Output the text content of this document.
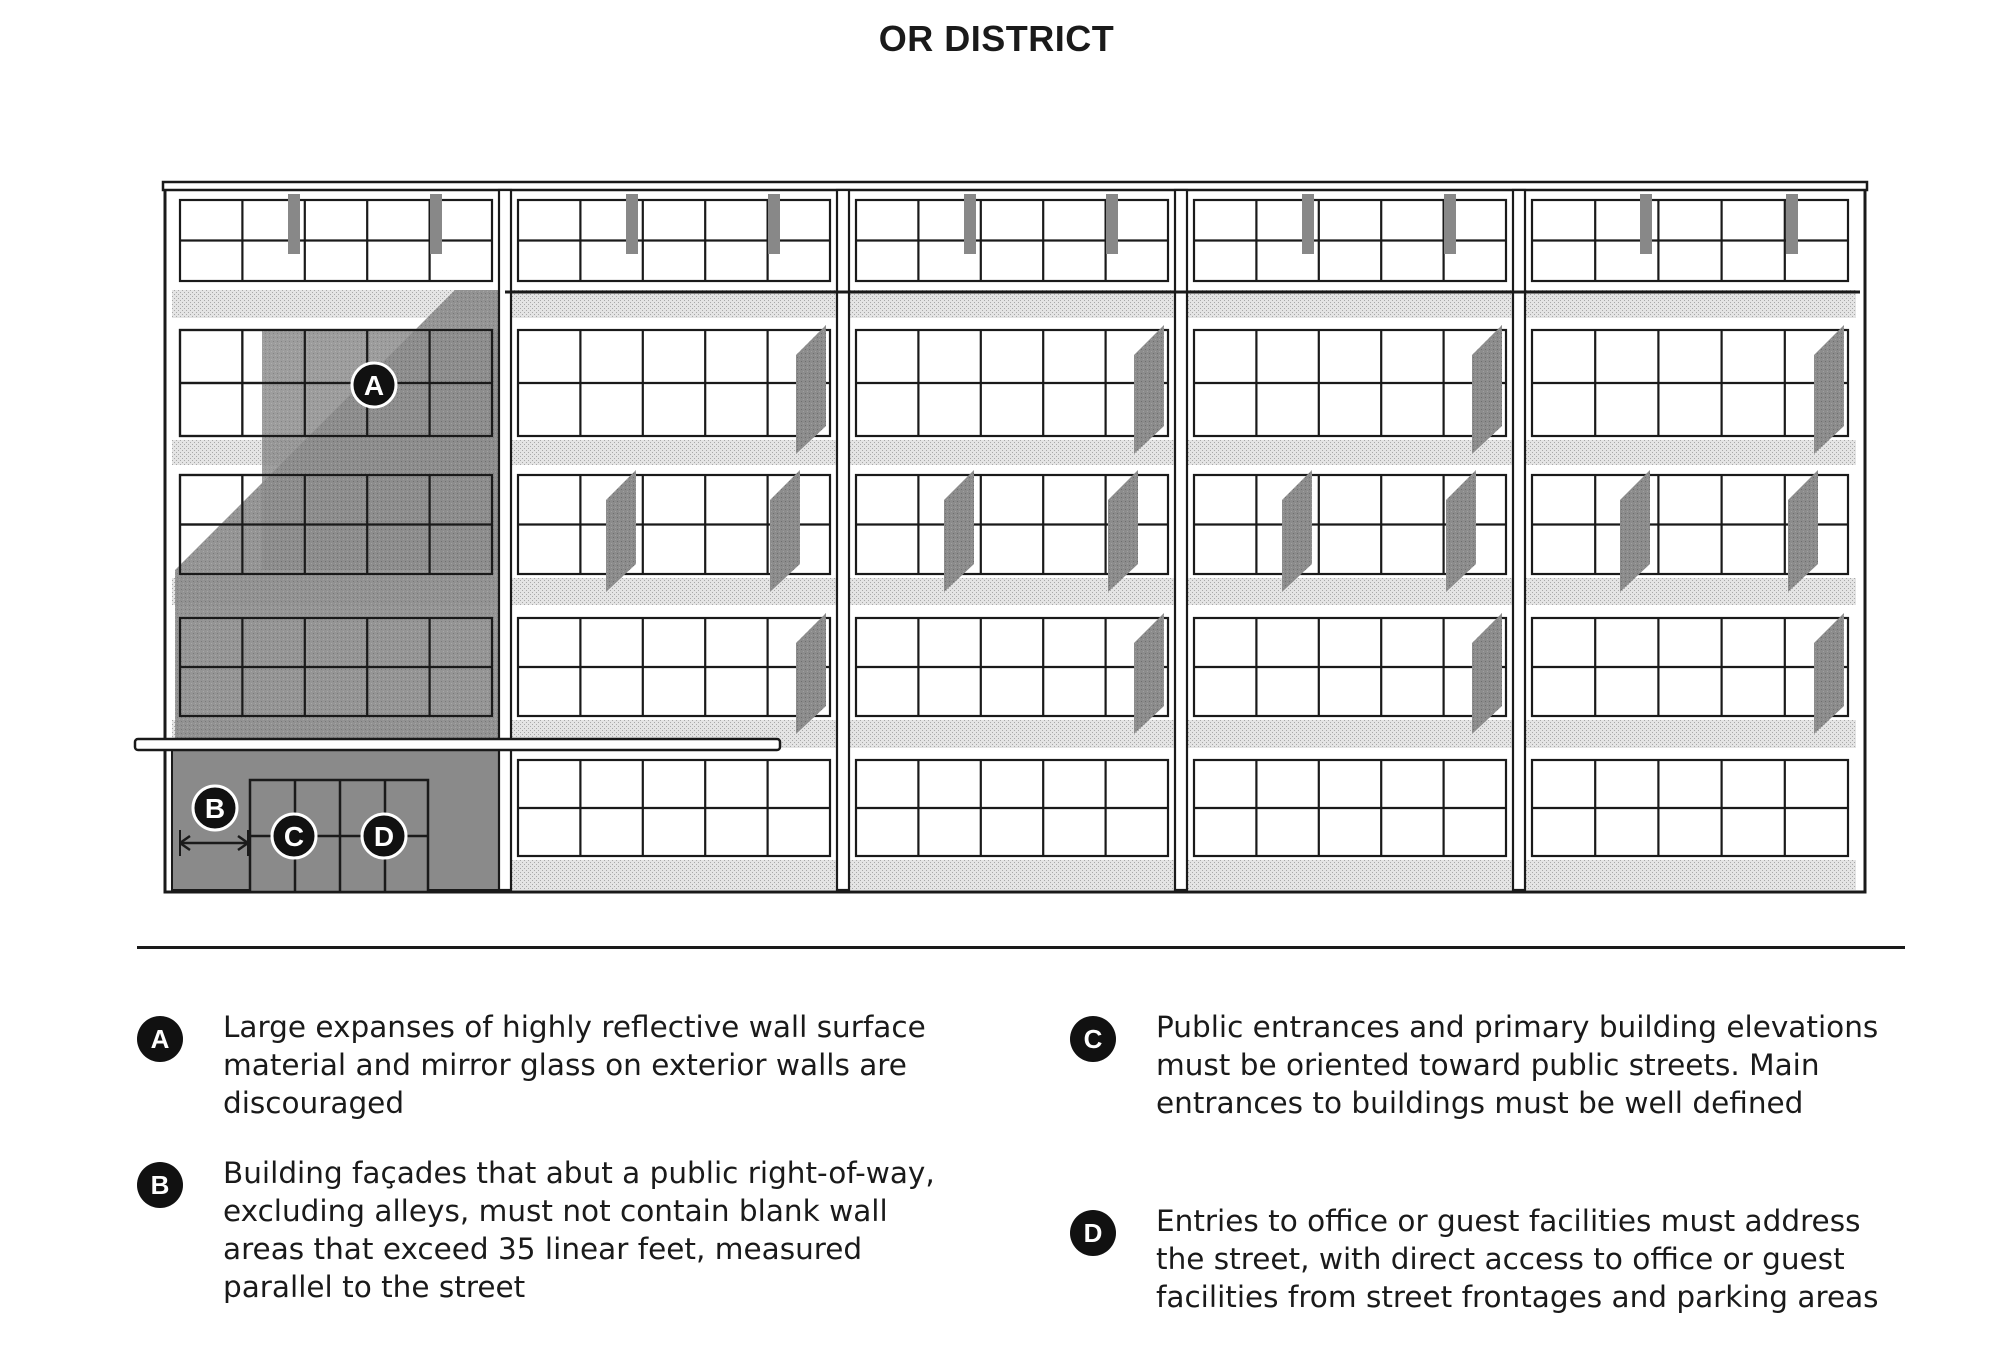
OR DISTRICT
A
B
C D
A	Large expanses of highly reflective wall surface material and mirror glass on exterior walls are discouraged
B	Building façades that abut a public right-of-way, excluding alleys, must not contain blank wall areas that exceed 35 linear feet, measured parallel to the street
C	Public entrances and primary building elevations must be oriented toward public streets. Main entrances to buildings must be well defined
D	Entries to office or guest facilities must address the street, with direct access to office or guest facilities from street frontages and parking areas
